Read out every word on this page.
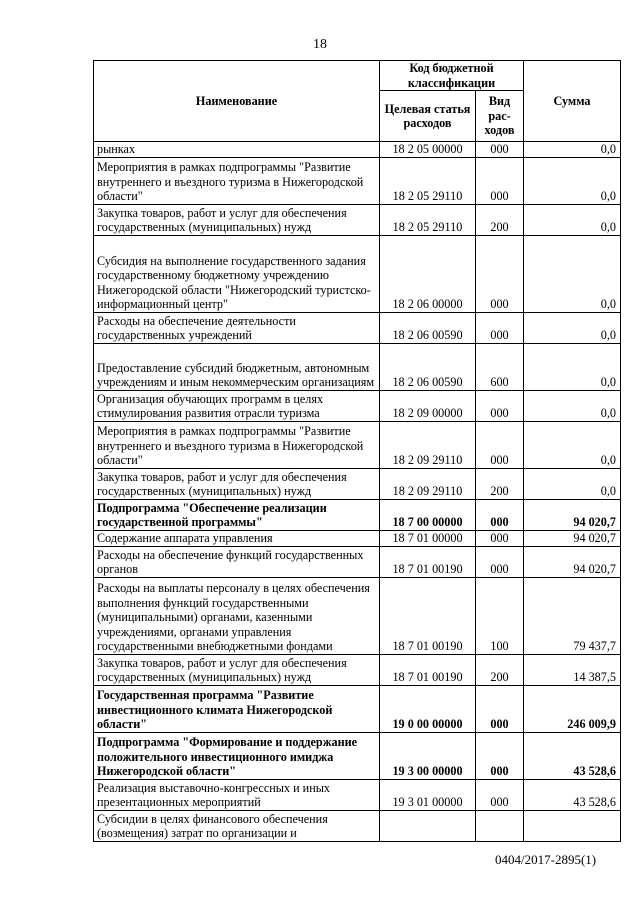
18
Наименование	Код бюджетной классификации		Сумма
	Целевая статья расходов	Вид рас- ходов	
рынках	18 2 05 00000	000	0,0
Мероприятия в рамках подпрограммы "Развитие внутреннего и въездного туризма в Нижегородской области"	18 2 05 29110	000	0,0
Закупка товаров, работ и услуг для обеспечения государственных (муниципальных) нужд	18 2 05 29110	200	0,0
Субсидия на выполнение государственного задания государственному бюджетному учреждению Нижегородской области "Нижегородский туристско-информационный центр"	18 2 06 00000	000	0,0
Расходы на обеспечение деятельности государственных учреждений	18 2 06 00590	000	0,0
Предоставление субсидий бюджетным, автономным учреждениям и иным некоммерческим организациям	18 2 06 00590	600	0,0
Организация обучающих программ в целях стимулирования развития отрасли туризма	18 2 09 00000	000	0,0
Мероприятия в рамках подпрограммы "Развитие внутреннего и въездного туризма в Нижегородской области"	18 2 09 29110	000	0,0
Закупка товаров, работ и услуг для обеспечения государственных (муниципальных) нужд	18 2 09 29110	200	0,0
Подпрограмма "Обеспечение реализации государственной программы"	18 7 00 00000	000	94 020,7
Содержание аппарата управления	18 7 01 00000	000	94 020,7
Расходы на обеспечение функций государственных органов	18 7 01 00190	000	94 020,7
Расходы на выплаты персоналу в целях обеспечения выполнения функций государственными (муниципальными) органами, казенными учреждениями, органами управления государственными внебюджетными фондами	18 7 01 00190	100	79 437,7
Закупка товаров, работ и услуг для обеспечения государственных (муниципальных) нужд	18 7 01 00190	200	14 387,5
Государственная программа "Развитие инвестиционного климата Нижегородской области"	19 0 00 00000	000	246 009,9
Подпрограмма "Формирование и поддержание положительного инвестиционного имиджа Нижегородской области"	19 3 00 00000	000	43 528,6
Реализация выставочно-конгрессных и иных презентационных мероприятий	19 3 01 00000	000	43 528,6
Субсидии в целях финансового обеспечения (возмещения) затрат по организации и			
0404/2017-2895(1)
